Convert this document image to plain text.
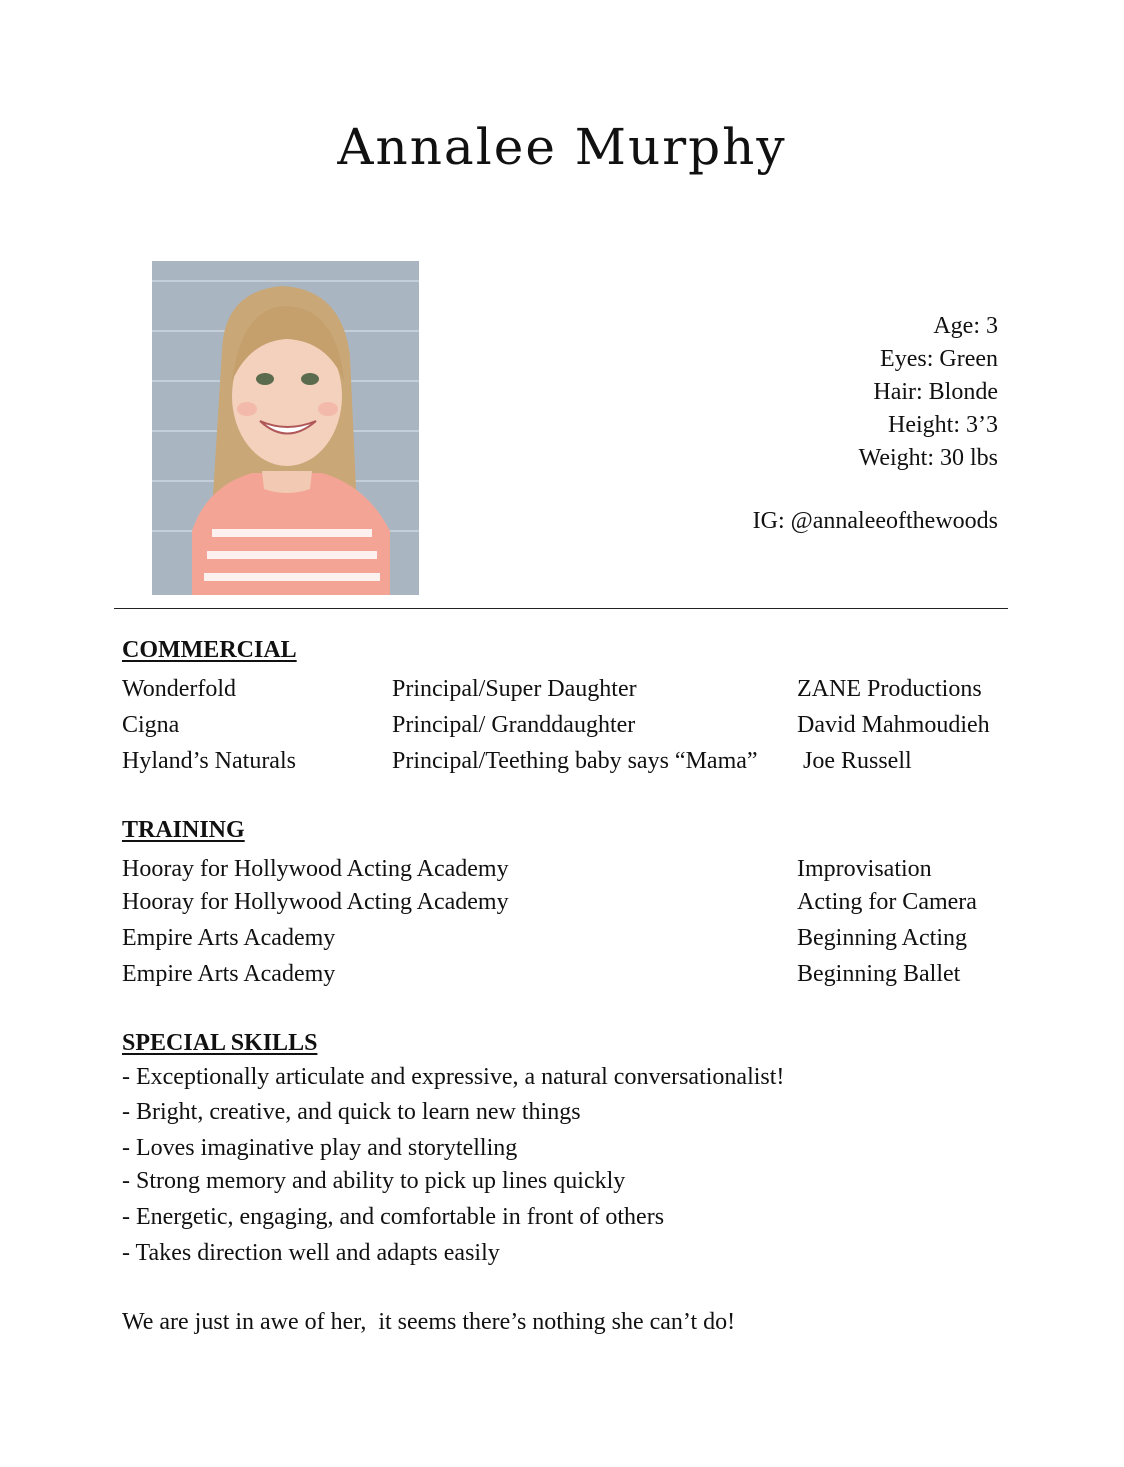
Annalee Murphy
Age: 3
Eyes: Green
Hair: Blonde
Height: 3’3
Weight: 30 lbs
IG: @annaleeofthewoods
COMMERCIAL
Wonderfold	Principal/Super Daughter	ZANE Productions
Cigna	Principal/ Granddaughter	David Mahmoudieh
Hyland’s Naturals	Principal/Teething baby says “Mama” Joe Russell
TRAINING
Hooray for Hollywood Acting Academy	Improvisation
Hooray for Hollywood Acting Academy	Acting for Camera
Empire Arts Academy	Beginning Acting
Empire Arts Academy	Beginning Ballet
SPECIAL SKILLS
- Exceptionally articulate and expressive, a natural conversationalist!
- Bright, creative, and quick to learn new things
- Loves imaginative play and storytelling
- Strong memory and ability to pick up lines quickly
- Energetic, engaging, and comfortable in front of others
- Takes direction well and adapts easily
We are just in awe of her,  it seems there’s nothing she can’t do!
